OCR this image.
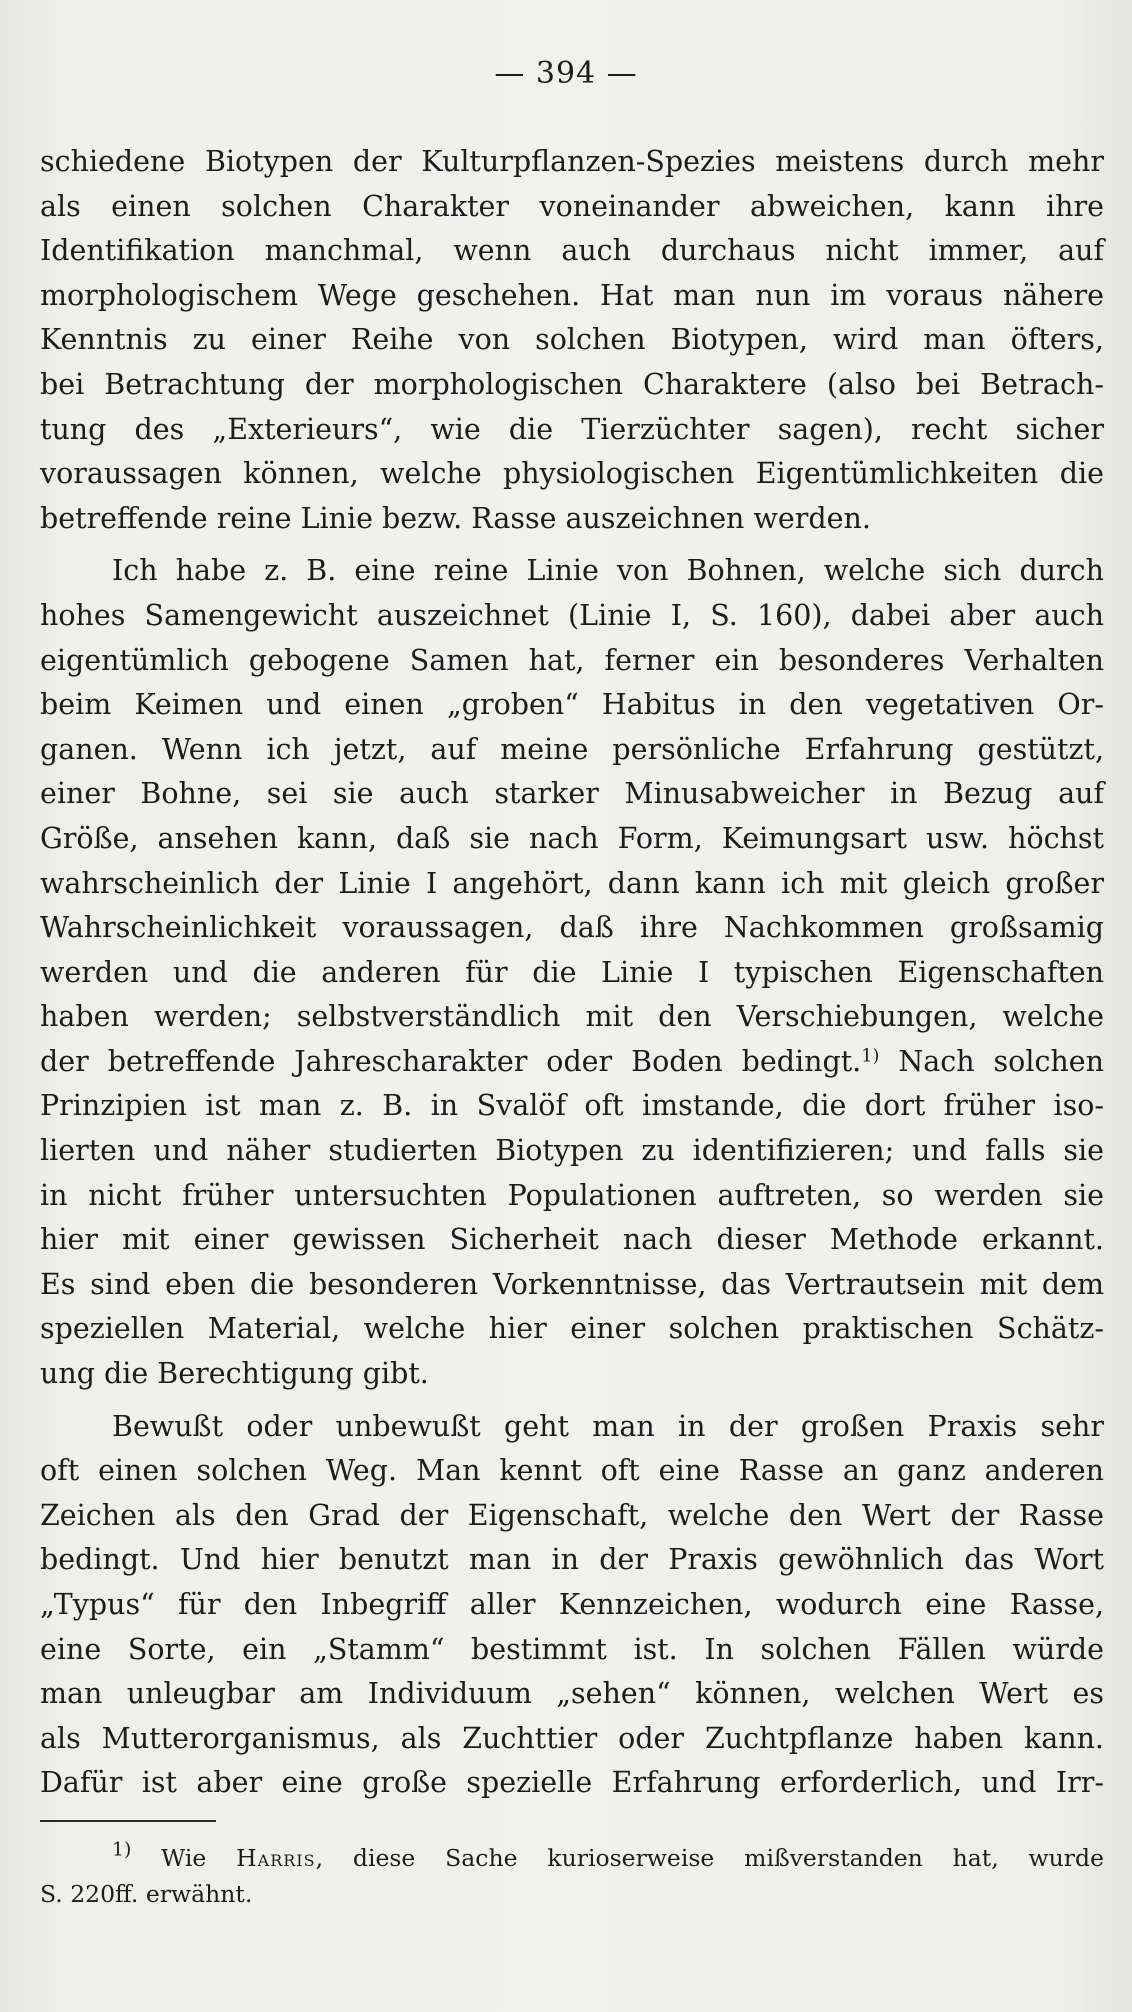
— 394 —

schiedene Biotypen der Kulturpflanzen-Spezies meistens durch mehr

als einen solchen Charakter voneinander abweichen, kann ihre

Identifikation manchmal, wenn auch durchaus nicht immer, auf

morphologischem Wege geschehen. Hat man nun im voraus nähere

Kenntnis zu einer Reihe von solchen Biotypen, wird man öfters,

bei Betrachtung der morphologischen Charaktere (also bei Betrach-

tung des „Exterieurs“, wie die Tierzüchter sagen), recht sicher

voraussagen können, welche physiologischen Eigentümlichkeiten die

betreffende reine Linie bezw. Rasse auszeichnen werden.

Ich habe z. B. eine reine Linie von Bohnen, welche sich durch

hohes Samengewicht auszeichnet (Linie I, S. 160), dabei aber auch

eigentümlich gebogene Samen hat, ferner ein besonderes Verhalten

beim Keimen und einen „groben“ Habitus in den vegetativen Or-

ganen. Wenn ich jetzt, auf meine persönliche Erfahrung gestützt,

einer Bohne, sei sie auch starker Minusabweicher in Bezug auf

Größe, ansehen kann, daß sie nach Form, Keimungsart usw. höchst

wahrscheinlich der Linie I angehört, dann kann ich mit gleich großer

Wahrscheinlichkeit voraussagen, daß ihre Nachkommen großsamig

werden und die anderen für die Linie I typischen Eigenschaften

haben werden; selbstverständlich mit den Verschiebungen, welche

der betreffende Jahrescharakter oder Boden bedingt.$^{1)}$ Nach solchen

Prinzipien ist man z. B. in Svalöf oft imstande, die dort früher iso-

lierten und näher studierten Biotypen zu identifizieren; und falls sie

in nicht früher untersuchten Populationen auftreten, so werden sie

hier mit einer gewissen Sicherheit nach dieser Methode erkannt.

Es sind eben die besonderen Vorkenntnisse, das Vertrautsein mit dem

speziellen Material, welche hier einer solchen praktischen Schätz-

ung die Berechtigung gibt.

Bewußt oder unbewußt geht man in der großen Praxis sehr

oft einen solchen Weg. Man kennt oft eine Rasse an ganz anderen

Zeichen als den Grad der Eigenschaft, welche den Wert der Rasse

bedingt. Und hier benutzt man in der Praxis gewöhnlich das Wort

„Typus“ für den Inbegriff aller Kennzeichen, wodurch eine Rasse,

eine Sorte, ein „Stamm“ bestimmt ist. In solchen Fällen würde

man unleugbar am Individuum „sehen“ können, welchen Wert es

als Mutterorganismus, als Zuchttier oder Zuchtpflanze haben kann.

Dafür ist aber eine große spezielle Erfahrung erforderlich, und Irr-

$^{1)}$ Wie Harris, diese Sache kurioserweise mißverstanden hat, wurde

S. 220ff. erwähnt.
